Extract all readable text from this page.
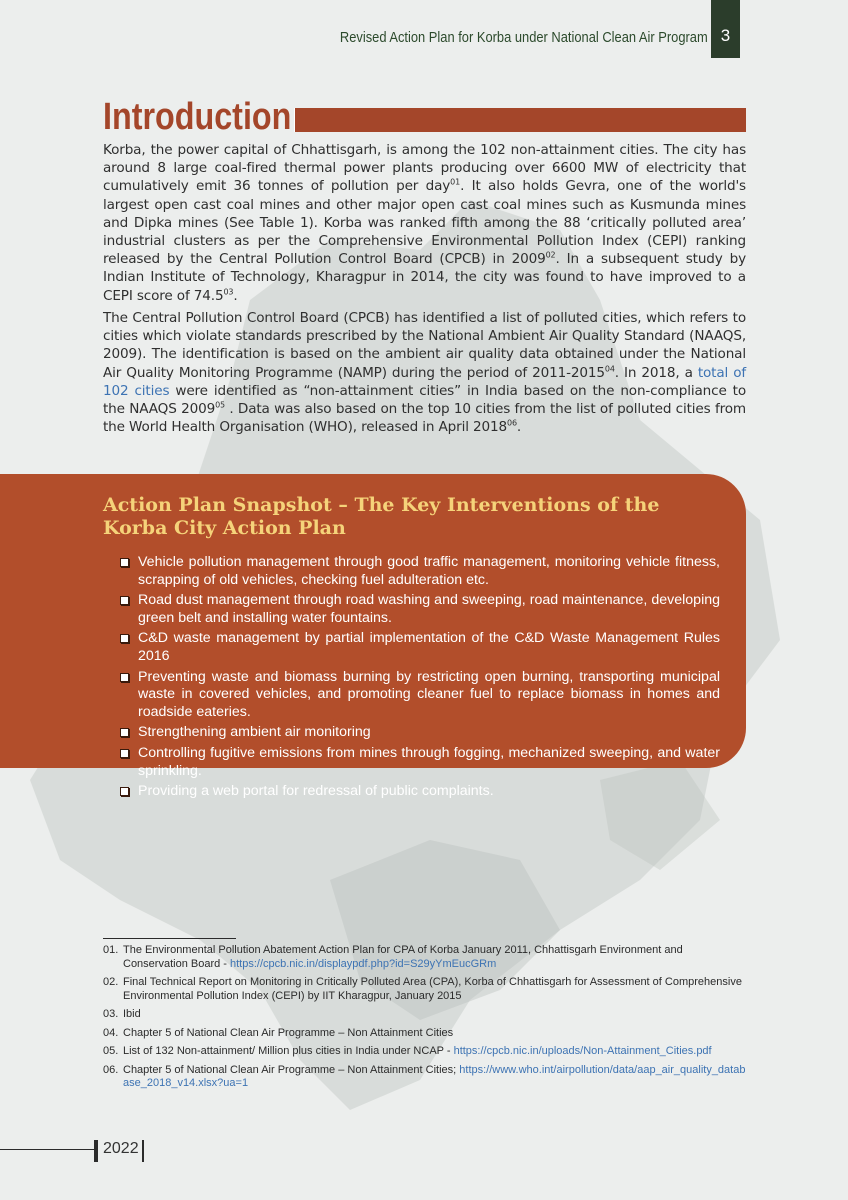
Revised Action Plan for Korba under National Clean Air Program 3
Introduction

Korba, the power capital of Chhattisgarh, is among the 102 non-attainment cities. The city has around 8 large coal-fired thermal power plants producing over 6600 MW of electricity that cumulatively emit 36 tonnes of pollution per day$^{01}$. It also holds Gevra, one of the world's largest open cast coal mines and other major open cast coal mines such as Kusmunda mines and Dipka mines (See Table 1). Korba was ranked fifth among the 88 ‘critically polluted area’ industrial clusters as per the Comprehensive Environmental Pollution Index (CEPI) ranking released by the Central Pollution Control Board (CPCB) in 2009$^{02}$. In a subsequent study by Indian Institute of Technology, Kharagpur in 2014, the city was found to have improved to a CEPI score of 74.5$^{03}$.

The Central Pollution Control Board (CPCB) has identified a list of polluted cities, which refers to cities which violate standards prescribed by the National Ambient Air Quality Standard (NAAQS, 2009). The identification is based on the ambient air quality data obtained under the National Air Quality Monitoring Programme (NAMP) during the period of 2011-2015$^{04}$. In 2018, a total of 102 cities were identified as “non-attainment cities” in India based on the non-compliance to the NAAQS 2009$^{05}$ . Data was also based on the top 10 cities from the list of polluted cities from the World Health Organisation (WHO), released in April 2018$^{06}$.

Action Plan Snapshot – The Key Interventions of the Korba City Action Plan
Vehicle pollution management through good traffic management, monitoring vehicle fitness, scrapping of old vehicles, checking fuel adulteration etc.
Road dust management through road washing and sweeping, road maintenance, developing green belt and installing water fountains.
C&D waste management by partial implementation of the C&D Waste Management Rules 2016
Preventing waste and biomass burning by restricting open burning, transporting municipal waste in covered vehicles, and promoting cleaner fuel to replace biomass in homes and roadside eateries.
Strengthening ambient air monitoring
Controlling fugitive emissions from mines through fogging, mechanized sweeping, and water sprinkling.
Providing a web portal for redressal of public complaints.
01. The Environmental Pollution Abatement Action Plan for CPA of Korba January 2011, Chhattisgarh Environment and Conservation Board - https://cpcb.nic.in/displaypdf.php?id=S29yYmEucGRm
02. Final Technical Report on Monitoring in Critically Polluted Area (CPA), Korba of Chhattisgarh for Assessment of Comprehensive Environmental Pollution Index (CEPI) by IIT Kharagpur, January 2015
03. Ibid
04. Chapter 5 of National Clean Air Programme – Non Attainment Cities
05. List of 132 Non-attainment/ Million plus cities in India under NCAP - https://cpcb.nic.in/uploads/Non-Attainment_Cities.pdf
06. Chapter 5 of National Clean Air Programme – Non Attainment Cities; https://www.who.int/airpollution/data/aap_air_quality_database_2018_v14.xlsx?ua=1
2022
